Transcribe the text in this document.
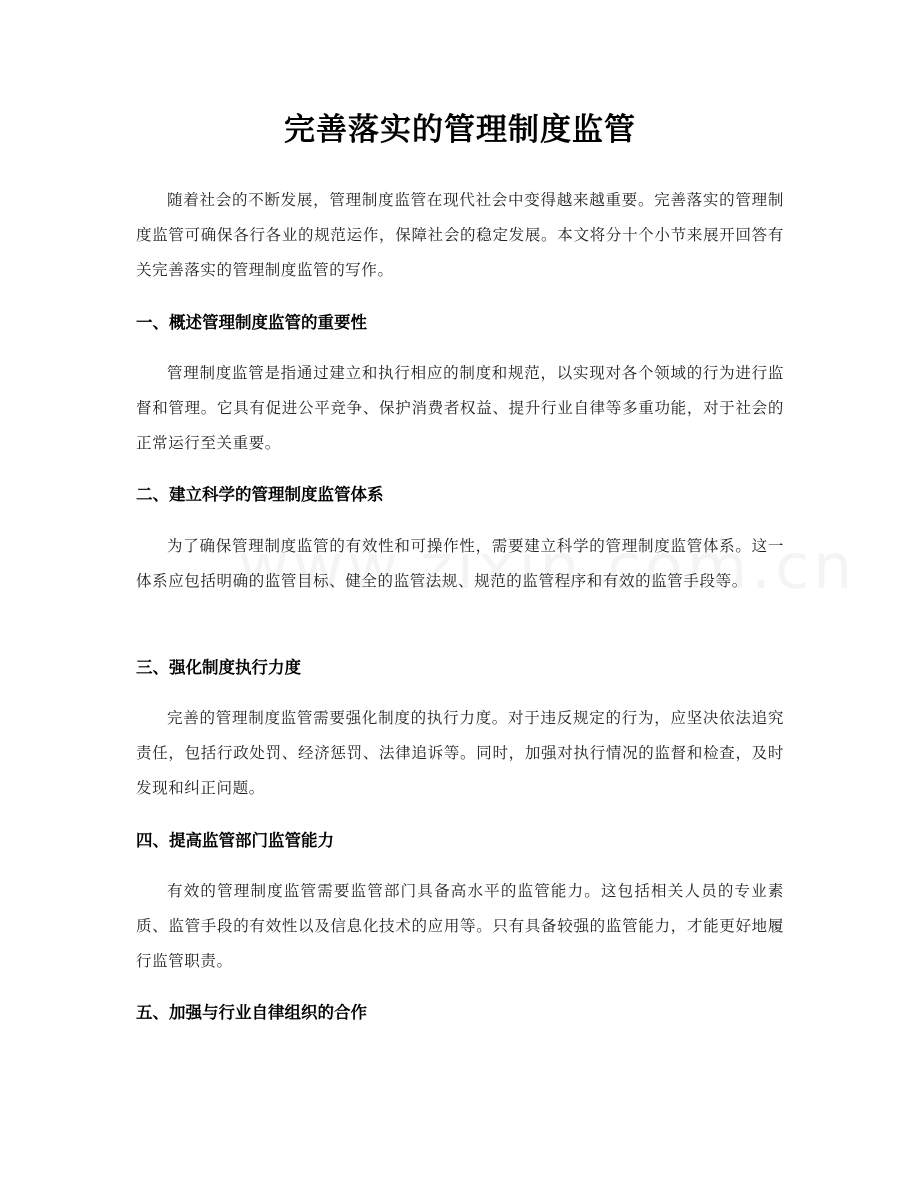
完善落实的管理制度监管
随着社会的不断发展，管理制度监管在现代社会中变得越来越重要。完善落实的管理制度监管可确保各行各业的规范运作，保障社会的稳定发展。本文将分十个小节来展开回答有关完善落实的管理制度监管的写作。
一、概述管理制度监管的重要性
管理制度监管是指通过建立和执行相应的制度和规范，以实现对各个领域的行为进行监督和管理。它具有促进公平竞争、保护消费者权益、提升行业自律等多重功能，对于社会的正常运行至关重要。
二、建立科学的管理制度监管体系
为了确保管理制度监管的有效性和可操作性，需要建立科学的管理制度监管体系。这一体系应包括明确的监管目标、健全的监管法规、规范的监管程序和有效的监管手段等。
三、强化制度执行力度
完善的管理制度监管需要强化制度的执行力度。对于违反规定的行为，应坚决依法追究责任，包括行政处罚、经济惩罚、法律追诉等。同时，加强对执行情况的监督和检查，及时发现和纠正问题。
四、提高监管部门监管能力
有效的管理制度监管需要监管部门具备高水平的监管能力。这包括相关人员的专业素质、监管手段的有效性以及信息化技术的应用等。只有具备较强的监管能力，才能更好地履行监管职责。
五、加强与行业自律组织的合作
